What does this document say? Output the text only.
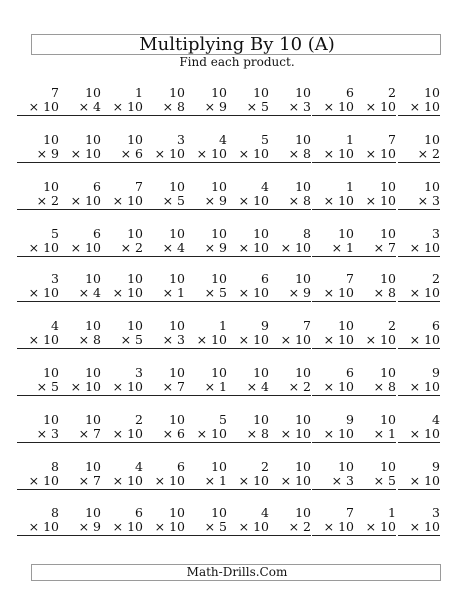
Multiplying By 10 (A)
Find each product.
7
× 10
10
× 4
1
× 10
10
× 8
10
× 9
10
× 5
10
× 3
6
× 10
2
× 10
10
× 10
10
× 9
10
× 10
10
× 6
3
× 10
4
× 10
5
× 10
10
× 8
1
× 10
7
× 10
10
× 2
10
× 2
6
× 10
7
× 10
10
× 5
10
× 9
4
× 10
10
× 8
1
× 10
10
× 10
10
× 3
5
× 10
6
× 10
10
× 2
10
× 4
10
× 9
10
× 10
8
× 10
10
× 1
10
× 7
3
× 10
3
× 10
10
× 4
10
× 10
10
× 1
10
× 5
6
× 10
10
× 9
7
× 10
10
× 8
2
× 10
4
× 10
10
× 8
10
× 5
10
× 3
1
× 10
9
× 10
7
× 10
10
× 10
2
× 10
6
× 10
10
× 5
10
× 10
3
× 10
10
× 7
10
× 1
10
× 4
10
× 2
6
× 10
10
× 8
9
× 10
10
× 3
10
× 7
2
× 10
10
× 6
5
× 10
10
× 8
10
× 10
9
× 10
10
× 1
4
× 10
8
× 10
10
× 7
4
× 10
6
× 10
10
× 1
2
× 10
10
× 10
10
× 3
10
× 5
9
× 10
8
× 10
10
× 9
6
× 10
10
× 10
10
× 5
4
× 10
10
× 2
7
× 10
1
× 10
3
× 10
Math-Drills.Com
